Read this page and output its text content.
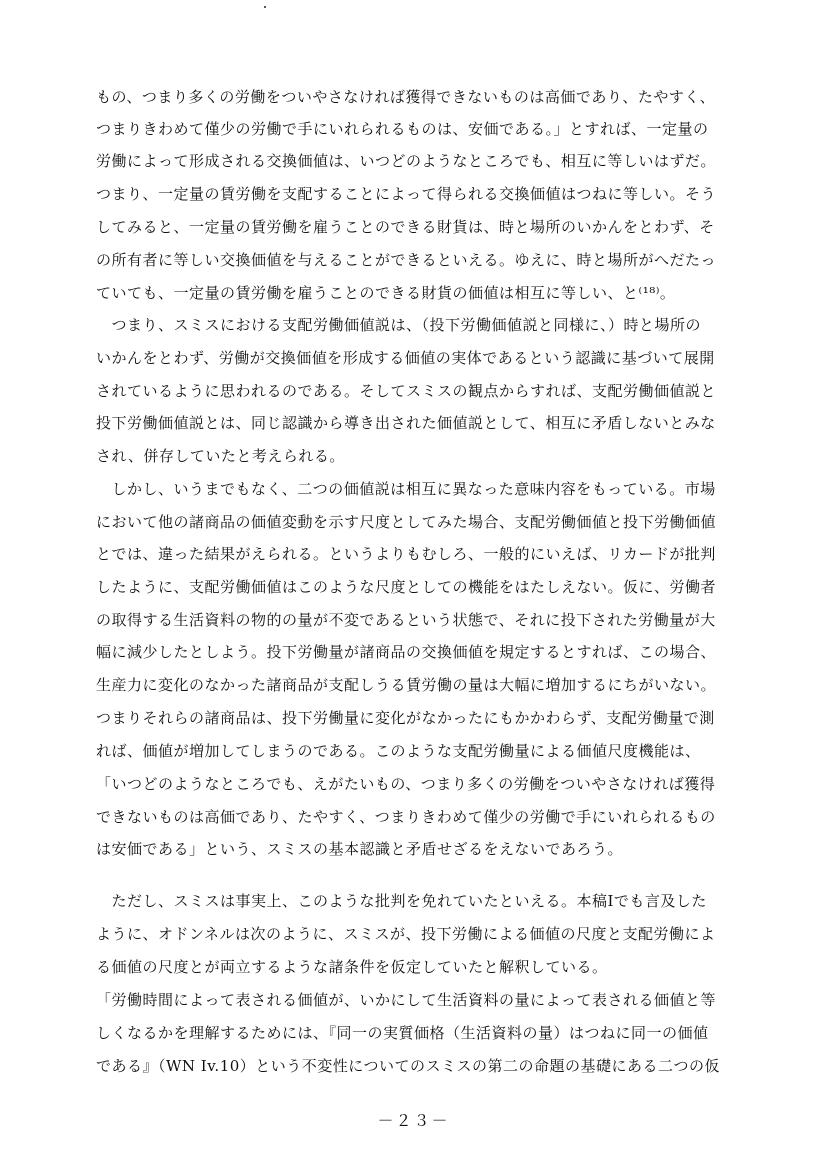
もの、つまり多くの労働をついやさなければ獲得できないものは高価であり、たやすく、
つまりきわめて僅少の労働で手にいれられるものは、安価である。」とすれば、一定量の
労働によって形成される交換価値は、いつどのようなところでも、相互に等しいはずだ。
つまり、一定量の賃労働を支配することによって得られる交換価値はつねに等しい。そう
してみると、一定量の賃労働を雇うことのできる財貨は、時と場所のいかんをとわず、そ
の所有者に等しい交換価値を与えることができるといえる。ゆえに、時と場所がへだたっ
ていても、一定量の賃労働を雇うことのできる財貨の価値は相互に等しい、と⁽¹⁸⁾。
　つまり、スミスにおける支配労働価値説は、（投下労働価値説と同様に、）時と場所の
いかんをとわず、労働が交換価値を形成する価値の実体であるという認識に基づいて展開
されているように思われるのである。そしてスミスの観点からすれば、支配労働価値説と
投下労働価値説とは、同じ認識から導き出された価値説として、相互に矛盾しないとみな
され、併存していたと考えられる。
　しかし、いうまでもなく、二つの価値説は相互に異なった意味内容をもっている。市場
において他の諸商品の価値変動を示す尺度としてみた場合、支配労働価値と投下労働価値
とでは、違った結果がえられる。というよりもむしろ、一般的にいえば、リカードが批判
したように、支配労働価値はこのような尺度としての機能をはたしえない。仮に、労働者
の取得する生活資料の物的の量が不変であるという状態で、それに投下された労働量が大
幅に減少したとしよう。投下労働量が諸商品の交換価値を規定するとすれば、この場合、
生産力に変化のなかった諸商品が支配しうる賃労働の量は大幅に増加するにちがいない。
つまりそれらの諸商品は、投下労働量に変化がなかったにもかかわらず、支配労働量で測
れば、価値が増加してしまうのである。このような支配労働量による価値尺度機能は、
「いつどのようなところでも、えがたいもの、つまり多くの労働をついやさなければ獲得
できないものは高価であり、たやすく、つまりきわめて僅少の労働で手にいれられるもの
は安価である」という、スミスの基本認識と矛盾せざるをえないであろう。
　ただし、スミスは事実上、このような批判を免れていたといえる。本稿Ⅰでも言及した
ように、オドンネルは次のように、スミスが、投下労働による価値の尺度と支配労働によ
る価値の尺度とが両立するような諸条件を仮定していたと解釈している。
「労働時間によって表される価値が、いかにして生活資料の量によって表される価値と等
しくなるかを理解するためには、『同一の実質価格（生活資料の量）はつねに同一の価値
である』（WN Ⅰv.10）という不変性についてのスミスの第二の命題の基礎にある二つの仮
－２３－
